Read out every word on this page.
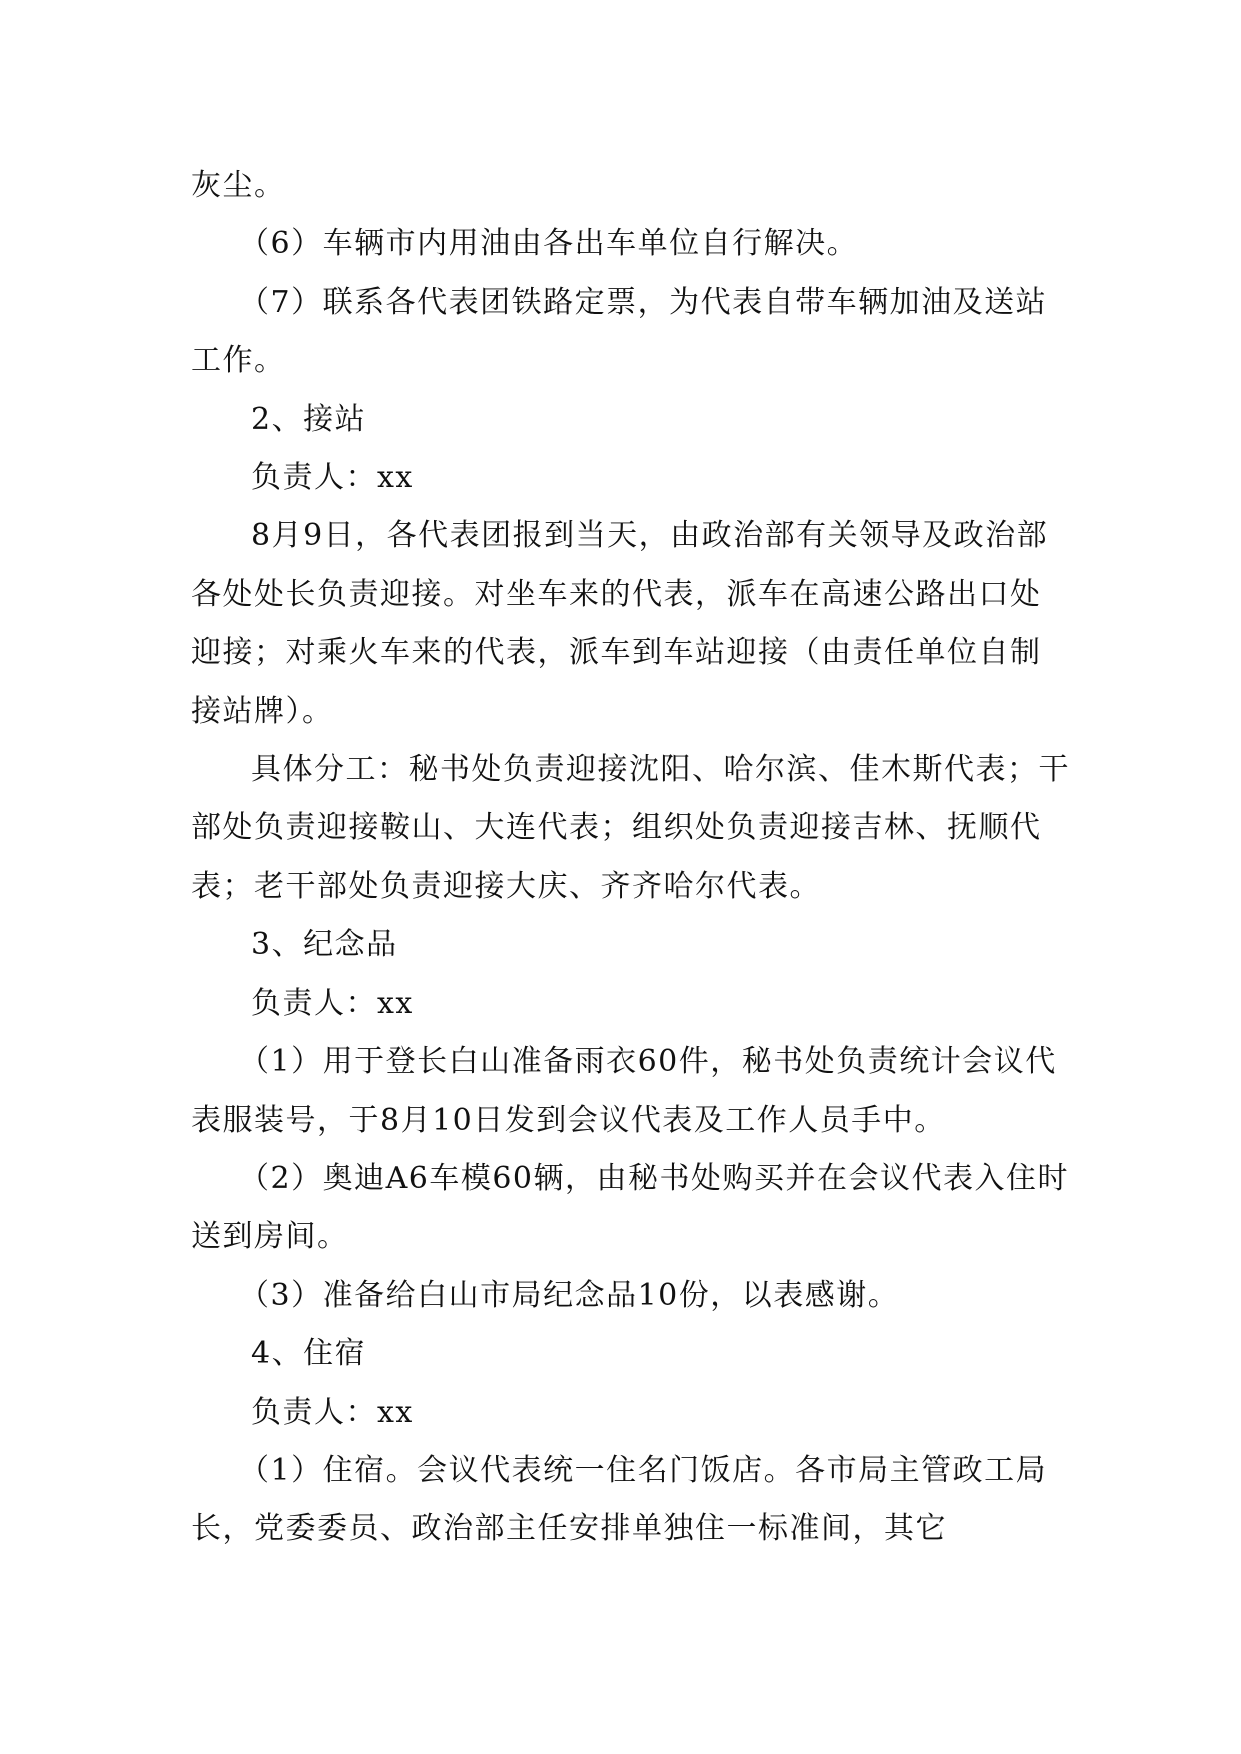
灰尘。

（6）车辆市内用油由各出车单位自行解决。

（7）联系各代表团铁路定票，为代表自带车辆加油及送站工作。

2、接站

负责人：xx

8月9日，各代表团报到当天，由政治部有关领导及政治部各处处长负责迎接。对坐车来的代表，派车在高速公路出口处迎接；对乘火车来的代表，派车到车站迎接（由责任单位自制接站牌）。

具体分工：秘书处负责迎接沈阳、哈尔滨、佳木斯代表；干部处负责迎接鞍山、大连代表；组织处负责迎接吉林、抚顺代表；老干部处负责迎接大庆、齐齐哈尔代表。

3、纪念品

负责人：xx

（1）用于登长白山准备雨衣60件，秘书处负责统计会议代表服装号，于8月10日发到会议代表及工作人员手中。

（2）奥迪A6车模60辆，由秘书处购买并在会议代表入住时送到房间。

（3）准备给白山市局纪念品10份，以表感谢。

4、住宿

负责人：xx

（1）住宿。会议代表统一住名门饭店。各市局主管政工局长，党委委员、政治部主任安排单独住一标准间，其它
